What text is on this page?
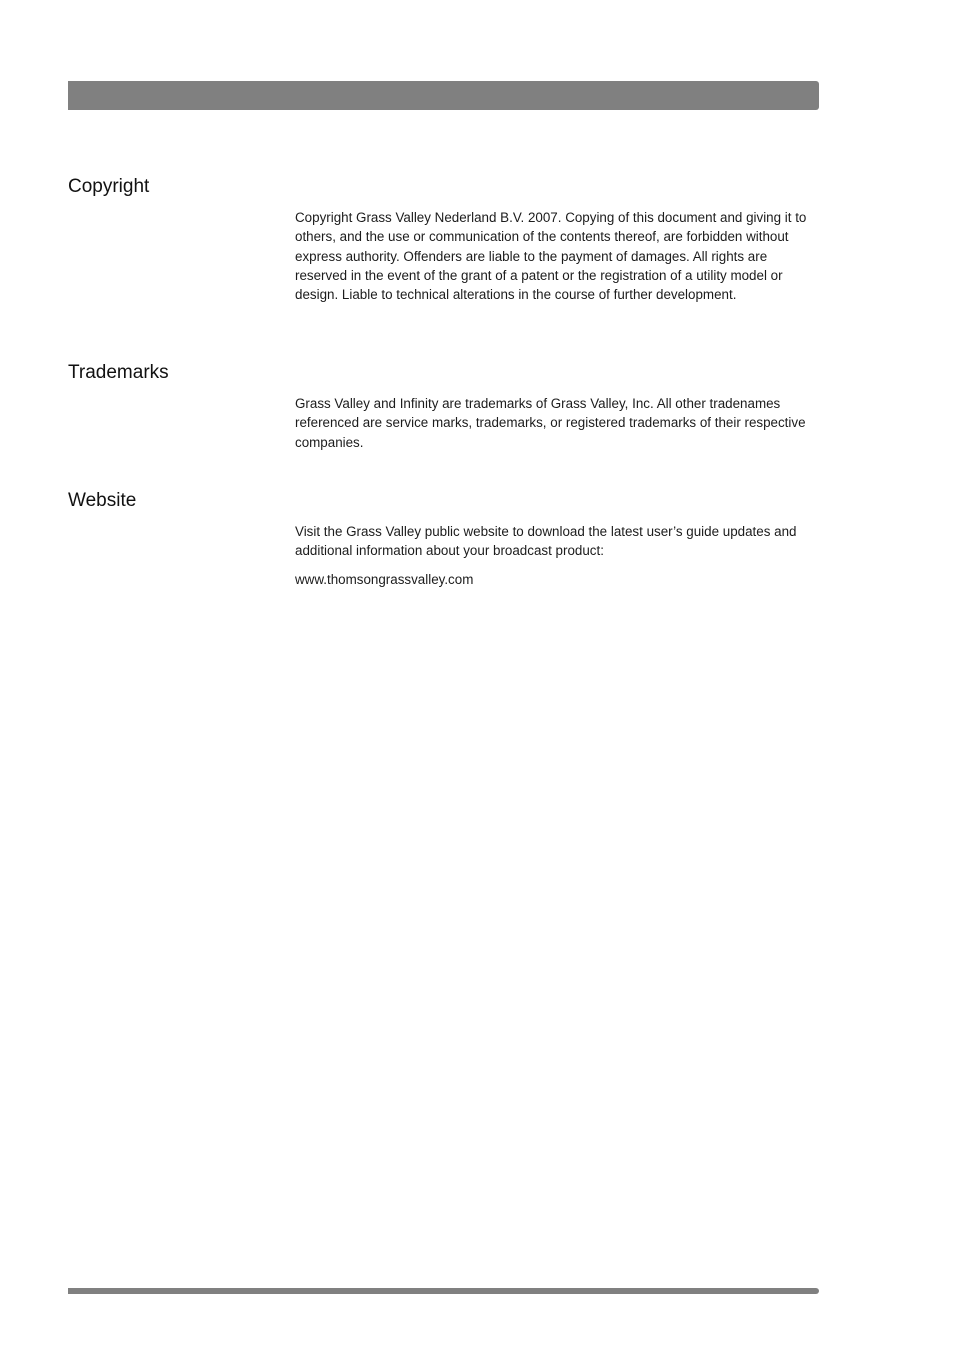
Copyright

Copyright Grass Valley Nederland B.V. 2007. Copying of this document and giving it to others, and the use or communication of the contents thereof, are forbidden without express authority. Offenders are liable to the payment of damages. All rights are reserved in the event of the grant of a patent or the registration of a utility model or design. Liable to technical alterations in the course of further development.

Trademarks

Grass Valley and Infinity are trademarks of Grass Valley, Inc. All other tradenames referenced are service marks, trademarks, or registered trademarks of their respective companies.

Website

Visit the Grass Valley public website to download the latest user’s guide updates and additional information about your broadcast product:

www.thomsongrassvalley.com
